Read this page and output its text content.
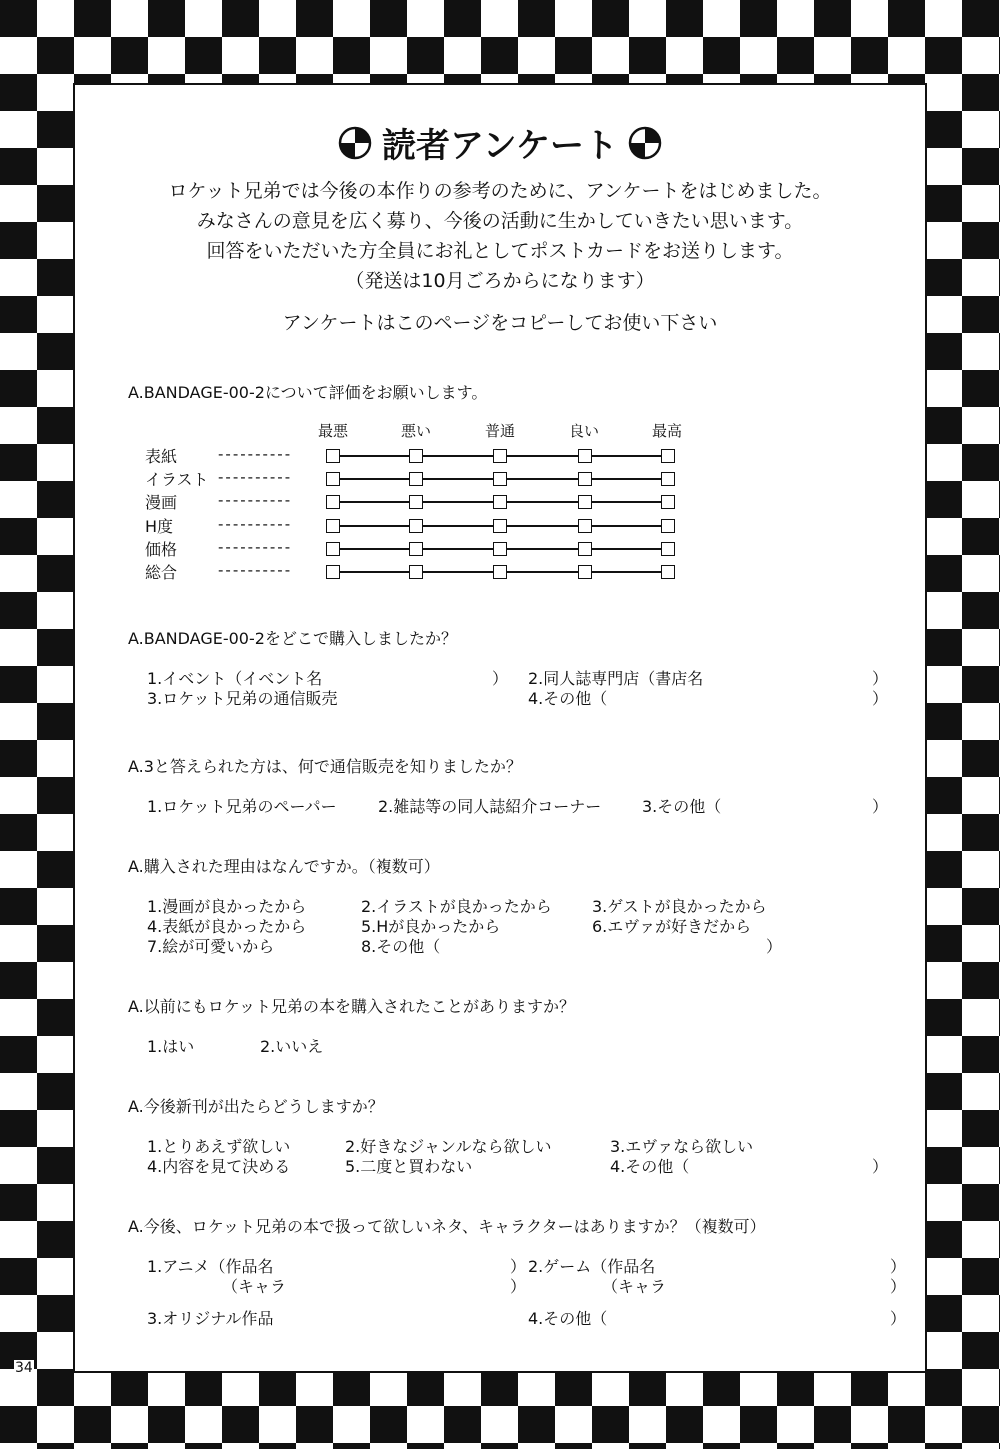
読者アンケート
ロケット兄弟では今後の本作りの参考のために、アンケートをはじめました。
みなさんの意見を広く募り、今後の活動に生かしていきたい思います。
回答をいただいた方全員にお礼としてポストカードをお送りします。
（発送は10月ごろからになります）
アンケートはこのページをコピーしてお使い下さい
A.BANDAGE-00-2について評価をお願いします。
最悪	悪い	普通	良い	最高
表紙	----------
イラスト ----------
漫画	----------
H度	----------
価格	----------
総合	----------
A.BANDAGE-00-2をどこで購入しましたか？
1.イベント（イベント名	） 2.同人誌専門店（書店名	）
3.ロケット兄弟の通信販売	4.その他（	）
A.3と答えられた方は、何で通信販売を知りましたか？
1.ロケット兄弟のペーパー	2.雑誌等の同人誌紹介コーナー	3.その他（	）
A.購入された理由はなんですか。（複数可）
1.漫画が良かったから	2.イラストが良かったから	3.ゲストが良かったから
4.表紙が良かったから	5.Hが良かったから	6.エヴァが好きだから
7.絵が可愛いから	8.その他（	）
A.以前にもロケット兄弟の本を購入されたことがありますか？
1.はい	2.いいえ
A.今後新刊が出たらどうしますか？
1.とりあえず欲しい	2.好きなジャンルなら欲しい	3.エヴァなら欲しい
4.内容を見て決める	5.二度と買わない	4.その他（	）
A.今後、ロケット兄弟の本で扱って欲しいネタ、キャラクターはありますか？（複数可）
1.アニメ（作品名	）
（キャラ	）
2.ゲーム（作品名	）
（キャラ	）
3.オリジナル作品	4.その他（	）
34
